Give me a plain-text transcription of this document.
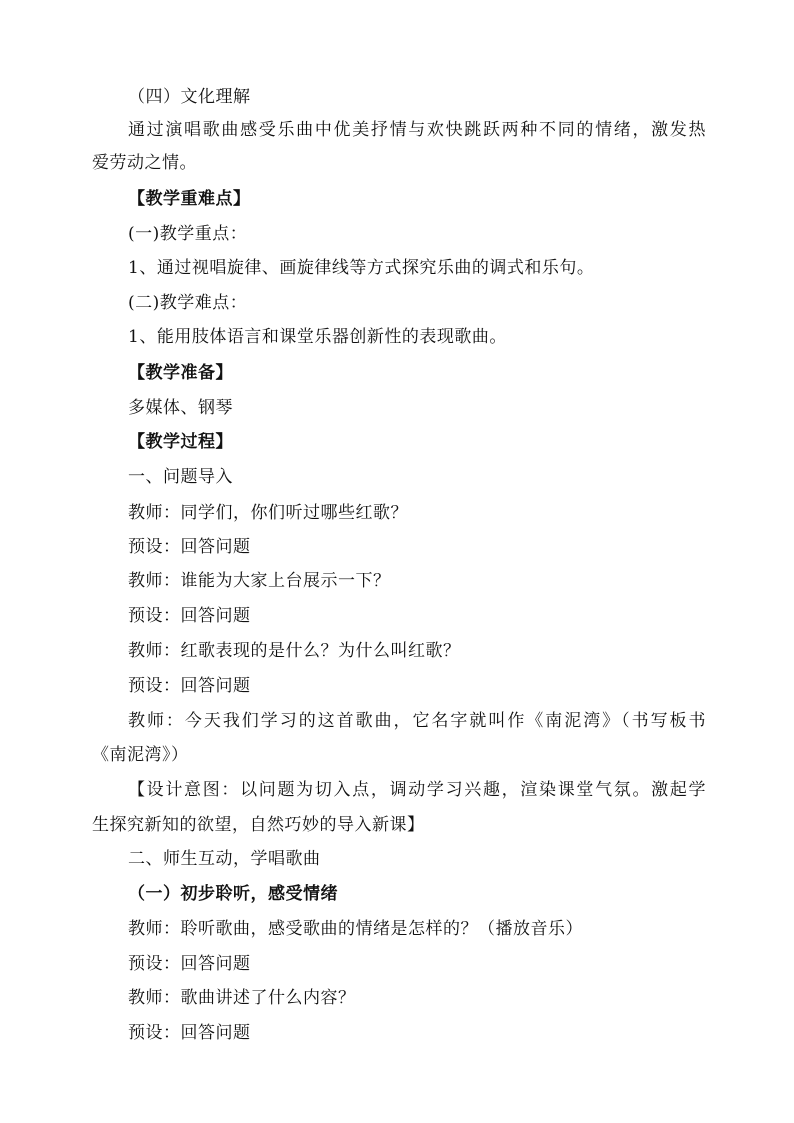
（四）文化理解

通过演唱歌曲感受乐曲中优美抒情与欢快跳跃两种不同的情绪，激发热

爱劳动之情。

【教学重难点】

(一)教学重点：

1、通过视唱旋律、画旋律线等方式探究乐曲的调式和乐句。

(二)教学难点：

1、能用肢体语言和课堂乐器创新性的表现歌曲。

【教学准备】

多媒体、钢琴

【教学过程】

一、问题导入

教师：同学们，你们听过哪些红歌？

预设：回答问题

教师：谁能为大家上台展示一下？

预设：回答问题

教师：红歌表现的是什么？为什么叫红歌？

预设：回答问题

教师：今天我们学习的这首歌曲，它名字就叫作《南泥湾》（书写板书

《南泥湾》）

【设计意图：以问题为切入点，调动学习兴趣，渲染课堂气氛。激起学

生探究新知的欲望，自然巧妙的导入新课】

二、师生互动，学唱歌曲

（一）初步聆听，感受情绪

教师：聆听歌曲，感受歌曲的情绪是怎样的？（播放音乐）

预设：回答问题

教师：歌曲讲述了什么内容？

预设：回答问题
